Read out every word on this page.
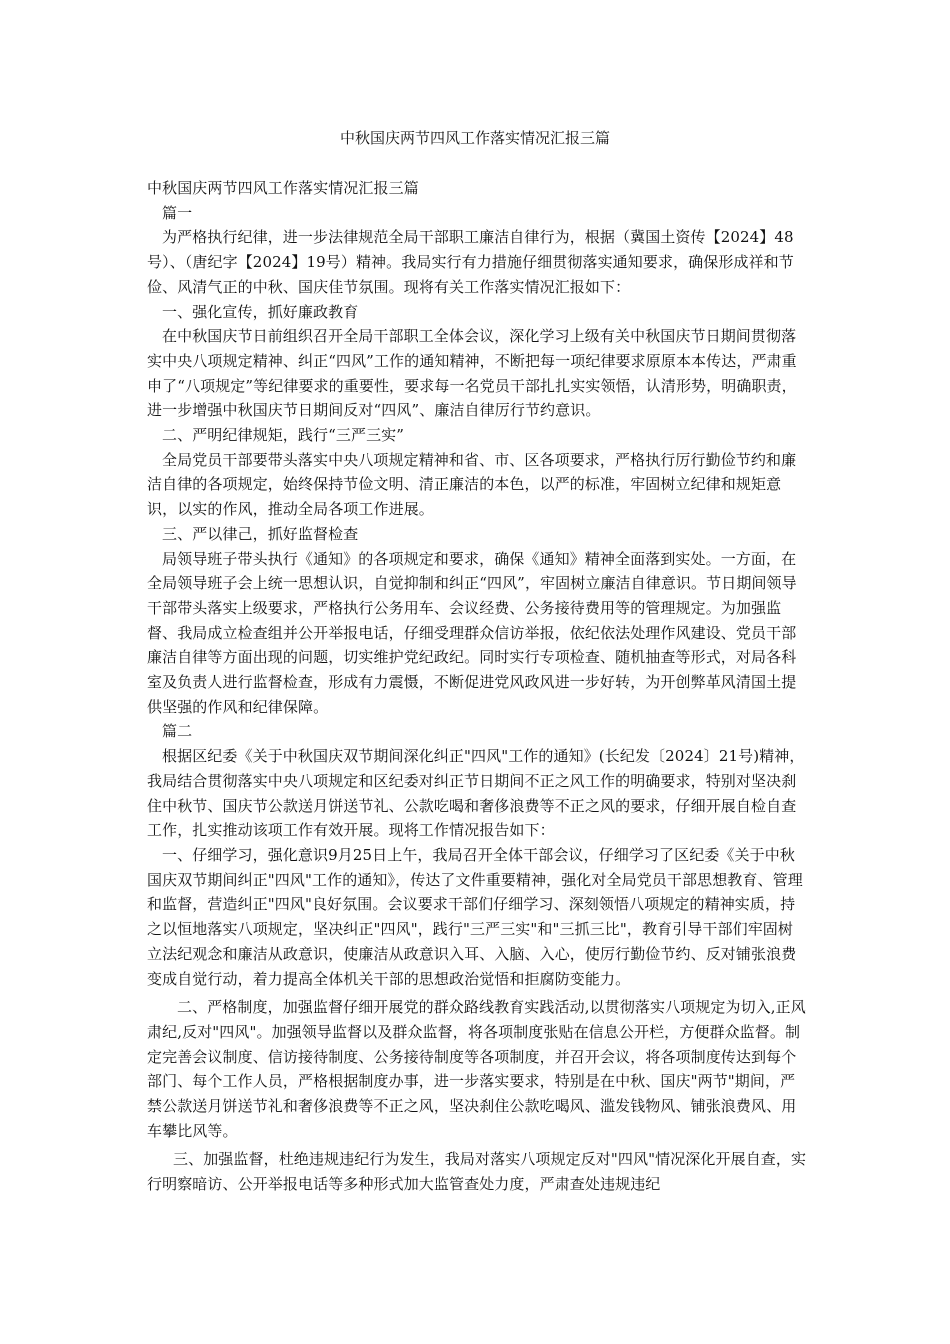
中秋国庆两节四风工作落实情况汇报三篇

中秋国庆两节四风工作落实情况汇报三篇

篇一

为严格执行纪律，进一步法律规范全局干部职工廉洁自律行为，根据（冀国土资传【2024】48号）、（唐纪字【2024】19号）精神。我局实行有力措施仔细贯彻落实通知要求，确保形成祥和节俭、风清气正的中秋、国庆佳节氛围。现将有关工作落实情况汇报如下：

一、强化宣传，抓好廉政教育

在中秋国庆节日前组织召开全局干部职工全体会议，深化学习上级有关中秋国庆节日期间贯彻落实中央八项规定精神、纠正“四风”工作的通知精神，不断把每一项纪律要求原原本本传达，严肃重申了“八项规定”等纪律要求的重要性，要求每一名党员干部扎扎实实领悟，认清形势，明确职责，进一步增强中秋国庆节日期间反对“四风”、廉洁自律厉行节约意识。

二、严明纪律规矩，践行“三严三实”

全局党员干部要带头落实中央八项规定精神和省、市、区各项要求，严格执行厉行勤俭节约和廉洁自律的各项规定，始终保持节俭文明、清正廉洁的本色，以严的标准，牢固树立纪律和规矩意识，以实的作风，推动全局各项工作进展。

三、严以律己，抓好监督检查

局领导班子带头执行《通知》的各项规定和要求，确保《通知》精神全面落到实处。一方面，在全局领导班子会上统一思想认识，自觉抑制和纠正“四风”，牢固树立廉洁自律意识。节日期间领导干部带头落实上级要求，严格执行公务用车、会议经费、公务接待费用等的管理规定。为加强监督、我局成立检查组并公开举报电话，仔细受理群众信访举报，依纪依法处理作风建设、党员干部廉洁自律等方面出现的问题，切实维护党纪政纪。同时实行专项检查、随机抽查等形式，对局各科室及负责人进行监督检查，形成有力震慑，不断促进党风政风进一步好转，为开创弊革风清国土提供坚强的作风和纪律保障。

篇二

根据区纪委《关于中秋国庆双节期间深化纠正"四风"工作的通知》(长纪发〔2024〕21号)精神，我局结合贯彻落实中央八项规定和区纪委对纠正节日期间不正之风工作的明确要求，特别对坚决刹住中秋节、国庆节公款送月饼送节礼、公款吃喝和奢侈浪费等不正之风的要求，仔细开展自检自查工作，扎实推动该项工作有效开展。现将工作情况报告如下：

一、仔细学习，强化意识9月25日上午，我局召开全体干部会议，仔细学习了区纪委《关于中秋国庆双节期间纠正"四风"工作的通知》，传达了文件重要精神，强化对全局党员干部思想教育、管理和监督，营造纠正"四风"良好氛围。会议要求干部们仔细学习、深刻领悟八项规定的精神实质，持之以恒地落实八项规定，坚决纠正"四风"，践行"三严三实"和"三抓三比"，教育引导干部们牢固树立法纪观念和廉洁从政意识，使廉洁从政意识入耳、入脑、入心，使厉行勤俭节约、反对铺张浪费变成自觉行动，着力提高全体机关干部的思想政治觉悟和拒腐防变能力。

二、严格制度，加强监督仔细开展党的群众路线教育实践活动,以贯彻落实八项规定为切入,正风肃纪,反对"四风"。加强领导监督以及群众监督，将各项制度张贴在信息公开栏，方便群众监督。制定完善会议制度、信访接待制度、公务接待制度等各项制度，并召开会议，将各项制度传达到每个部门、每个工作人员，严格根据制度办事，进一步落实要求，特别是在中秋、国庆"两节"期间，严禁公款送月饼送节礼和奢侈浪费等不正之风，坚决刹住公款吃喝风、滥发钱物风、铺张浪费风、用车攀比风等。

三、加强监督，杜绝违规违纪行为发生，我局对落实八项规定反对"四风"情况深化开展自查，实行明察暗访、公开举报电话等多种形式加大监管查处力度，严肃查处违规违纪
